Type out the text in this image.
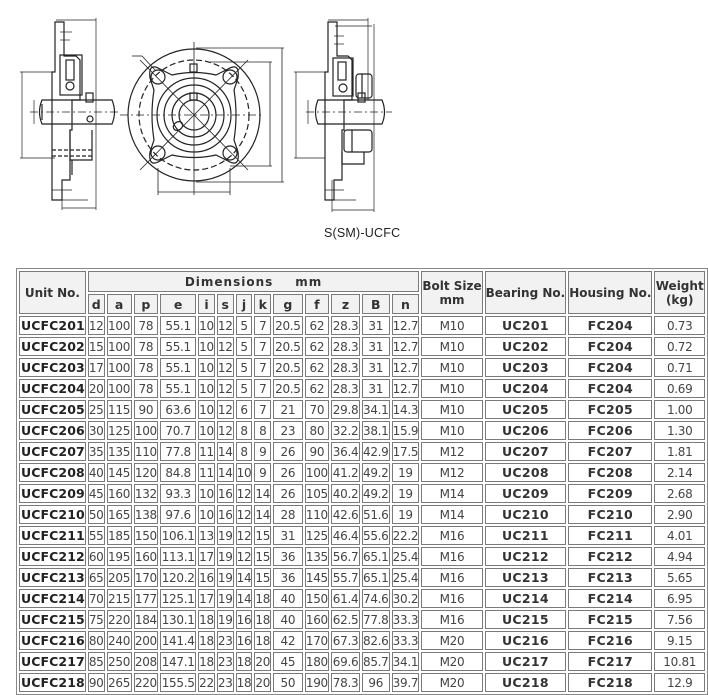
S(SM)-UCFC
Unit No.	Dimensions mm													Bolt Size
mm	Bearing No.	Housing No.	Weight
(kg)
	d	a	p	e	i	s	j	k	g	f	z	B	n				
UCFC201	12	100	78	55.1	10	12	5	7	20.5	62	28.3	31	12.7	M10	UC201	FC204	0.73
UCFC202	15	100	78	55.1	10	12	5	7	20.5	62	28.3	31	12.7	M10	UC202	FC204	0.72
UCFC203	17	100	78	55.1	10	12	5	7	20.5	62	28.3	31	12.7	M10	UC203	FC204	0.71
UCFC204	20	100	78	55.1	10	12	5	7	20.5	62	28.3	31	12.7	M10	UC204	FC204	0.69
UCFC205	25	115	90	63.6	10	12	6	7	21	70	29.8	34.1	14.3	M10	UC205	FC205	1.00
UCFC206	30	125	100	70.7	10	12	8	8	23	80	32.2	38.1	15.9	M10	UC206	FC206	1.30
UCFC207	35	135	110	77.8	11	14	8	9	26	90	36.4	42.9	17.5	M12	UC207	FC207	1.81
UCFC208	40	145	120	84.8	11	14	10	9	26	100	41.2	49.2	19	M12	UC208	FC208	2.14
UCFC209	45	160	132	93.3	10	16	12	14	26	105	40.2	49.2	19	M14	UC209	FC209	2.68
UCFC210	50	165	138	97.6	10	16	12	14	28	110	42.6	51.6	19	M14	UC210	FC210	2.90
UCFC211	55	185	150	106.1	13	19	12	15	31	125	46.4	55.6	22.2	M16	UC211	FC211	4.01
UCFC212	60	195	160	113.1	17	19	12	15	36	135	56.7	65.1	25.4	M16	UC212	FC212	4.94
UCFC213	65	205	170	120.2	16	19	14	15	36	145	55.7	65.1	25.4	M16	UC213	FC213	5.65
UCFC214	70	215	177	125.1	17	19	14	18	40	150	61.4	74.6	30.2	M16	UC214	FC214	6.95
UCFC215	75	220	184	130.1	18	19	16	18	40	160	62.5	77.8	33.3	M16	UC215	FC215	7.56
UCFC216	80	240	200	141.4	18	23	16	18	42	170	67.3	82.6	33.3	M20	UC216	FC216	9.15
UCFC217	85	250	208	147.1	18	23	18	20	45	180	69.6	85.7	34.1	M20	UC217	FC217	10.81
UCFC218	90	265	220	155.5	22	23	18	20	50	190	78.3	96	39.7	M20	UC218	FC218	12.9
